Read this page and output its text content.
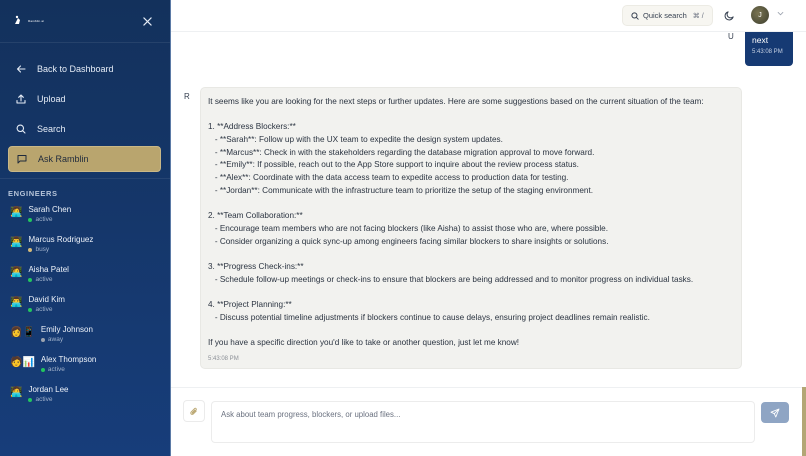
Ramblin.ai
Back to Dashboard
Upload
Search
Ask Ramblin
ENGINEERS
👩‍💻 Sarah Chen
active
👨‍💻 Marcus Rodriguez
busy
👩‍💻 Aisha Patel
active
👨‍💻 David Kim
active
👩📱 Emily Johnson
away
🧑📊 Alex Thompson
active
🧑‍💻 Jordan Lee
active
Quick search ⌘ /	J
U next
5:43:08 PM
R
It seems like you are looking for the next steps or further updates. Here are some suggestions based on the current situation of the team:
1. **Address Blockers:**
- **Sarah**: Follow up with the UX team to expedite the design system updates.
- **Marcus**: Check in with the stakeholders regarding the database migration approval to move forward.
- **Emily**: If possible, reach out to the App Store support to inquire about the review process status.
- **Alex**: Coordinate with the data access team to expedite access to production data for testing.
- **Jordan**: Communicate with the infrastructure team to prioritize the setup of the staging environment.
2. **Team Collaboration:**
- Encourage team members who are not facing blockers (like Aisha) to assist those who are, where possible.
- Consider organizing a quick sync-up among engineers facing similar blockers to share insights or solutions.
3. **Progress Check-ins:**
- Schedule follow-up meetings or check-ins to ensure that blockers are being addressed and to monitor progress on individual tasks.
4. **Project Planning:**
- Discuss potential timeline adjustments if blockers continue to cause delays, ensuring project deadlines remain realistic.
If you have a specific direction you'd like to take or another question, just let me know!
5:43:08 PM
Ask about team progress, blockers, or upload files...
